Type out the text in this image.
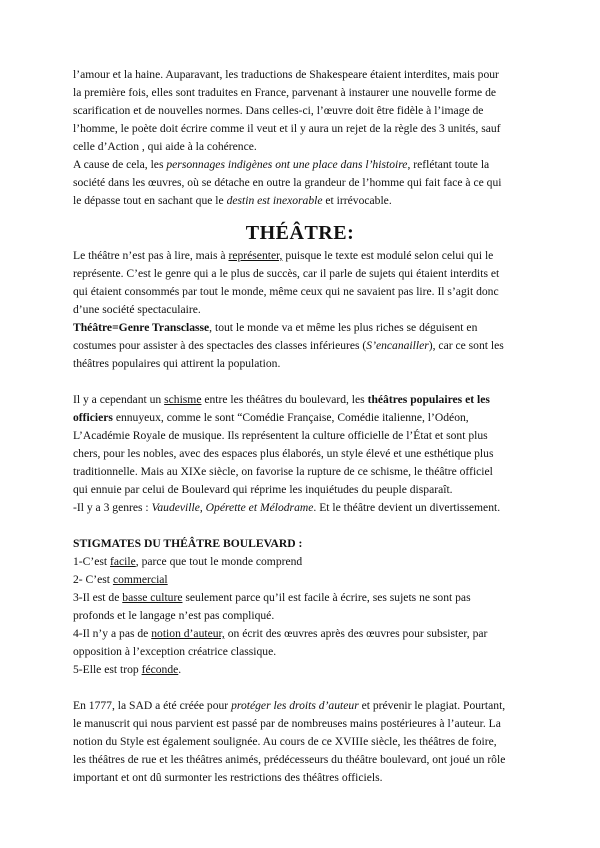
l’amour et la haine. Auparavant, les traductions de Shakespeare étaient interdites, mais pour
la première fois, elles sont traduites en France, parvenant à instaurer une nouvelle forme de
scarification et de nouvelles normes. Dans celles-ci, l’œuvre doit être fidèle à l’image de
l’homme, le poète doit écrire comme il veut et il y aura un rejet de la règle des 3 unités, sauf
celle d’Action , qui aide à la cohérence.
A cause de cela, les personnages indigènes ont une place dans l’histoire, reflétant toute la
société dans les œuvres, où se détache en outre la grandeur de l’homme qui fait face à ce qui
le dépasse tout en sachant que le destin est inexorable et irrévocable.
THÉÂTRE:
Le théâtre n’est pas à lire, mais à représenter, puisque le texte est modulé selon celui qui le
représente. C’est le genre qui a le plus de succès, car il parle de sujets qui étaient interdits et
qui étaient consommés par tout le monde, même ceux qui ne savaient pas lire. Il s’agit donc
d’une société spectaculaire.
Théâtre=Genre Transclasse, tout le monde va et même les plus riches se déguisent en
costumes pour assister à des spectacles des classes inférieures (S’encanailler), car ce sont les
théâtres populaires qui attirent la population.
Il y a cependant un schisme entre les théâtres du boulevard, les théâtres populaires et les
officiers ennuyeux, comme le sont “Comédie Française, Comédie italienne, l’Odéon,
L’Académie Royale de musique. Ils représentent la culture officielle de l’État et sont plus
chers, pour les nobles, avec des espaces plus élaborés, un style élevé et une esthétique plus
traditionnelle. Mais au XIXe siècle, on favorise la rupture de ce schisme, le théâtre officiel
qui ennuie par celui de Boulevard qui réprime les inquiétudes du peuple disparaît.
-Il y a 3 genres : Vaudeville, Opérette et Mélodrame. Et le théâtre devient un divertissement.
STIGMATES DU THÉÂTRE BOULEVARD :
1-C’est facile, parce que tout le monde comprend
2- C’est commercial
3-Il est de basse culture seulement parce qu’il est facile à écrire, ses sujets ne sont pas
profonds et le langage n’est pas compliqué.
4-Il n’y a pas de notion d’auteur, on écrit des œuvres après des œuvres pour subsister, par
opposition à l’exception créatrice classique.
5-Elle est trop féconde.
En 1777, la SAD a été créée pour protéger les droits d’auteur et prévenir le plagiat. Pourtant,
le manuscrit qui nous parvient est passé par de nombreuses mains postérieures à l’auteur. La
notion du Style est également soulignée. Au cours de ce XVIIIe siècle, les théâtres de foire,
les théâtres de rue et les théâtres animés, prédécesseurs du théâtre boulevard, ont joué un rôle
important et ont dû surmonter les restrictions des théâtres officiels.
